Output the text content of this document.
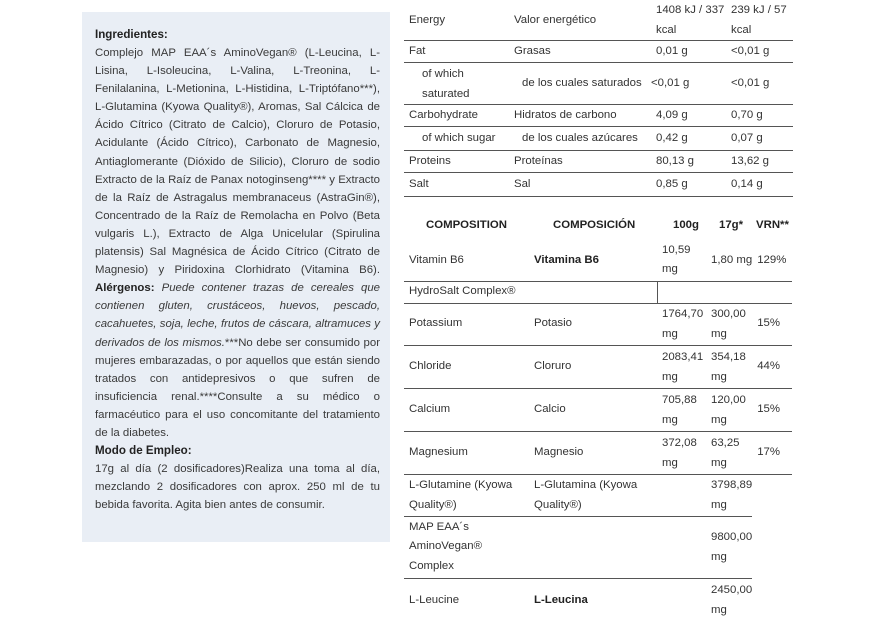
Ingredientes:

Complejo MAP EAA´s AminoVegan® (L-Leucina, L-Lisina, L-Isoleucina, L-Valina, L-Treonina, L-Fenilalanina, L-Metionina, L-Histidina, L-Triptófano***), L-Glutamina (Kyowa Quality®), Aromas, Sal Cálcica de Ácido Cítrico (Citrato de Calcio), Cloruro de Potasio, Acidulante (Ácido Cítrico), Carbonato de Magnesio, Antiaglomerante (Dióxido de Silicio), Cloruro de sodio Extracto de la Raíz de Panax notoginseng**** y Extracto de la Raíz de Astragalus membranaceus (AstraGin®), Concentrado de la Raíz de Remolacha en Polvo (Beta vulgaris L.), Extracto de Alga Unicelular (Spirulina platensis) Sal Magnésica de Ácido Cítrico (Citrato de Magnesio) y Piridoxina Clorhidrato (Vitamina B6). Alérgenos: Puede contener trazas de cereales que contienen gluten, crustáceos, huevos, pescado, cacahuetes, soja, leche, frutos de cáscara, altramuces y derivados de los mismos.***No debe ser consumido por mujeres embarazadas, o por aquellos que están siendo tratados con antidepresivos o que sufren de insuficiencia renal.****Consulte a su médico o farmacéutico para el uso concomitante del tratamiento de la diabetes.

Modo de Empleo:

17g al día (2 dosificadores)Realiza una toma al día, mezclando 2 dosificadores con aprox. 250 ml de tu bebida favorita. Agita bien antes de consumir.

Energy	Valor energético	1408 kJ / 337 kcal	239 kJ / 57 kcal
Fat	Grasas	0,01 g	<0,01 g

of which saturated	de los cuales saturados	<0,01 g	<0,01 g
Carbohydrate	Hidratos de carbono	4,09 g	0,70 g
of which sugar	de los cuales azúcares	0,42 g	0,07 g
Proteins	Proteínas	80,13 g	13,62 g
Salt	Sal	0,85 g	0,14 g
COMPOSITION	COMPOSICIÓN	100g 17g* VRN**
Vitamin B6	Vitamina B6	10,59 mg	1,80 mg	129%
HydroSalt Complex®				
Potassium	Potasio	1764,70 mg	300,00 mg	15%
Chloride	Cloruro	2083,41 mg	354,18 mg	44%
Calcium	Calcio	705,88 mg	120,00 mg	15%
Magnesium	Magnesio	372,08 mg	63,25 mg	17%
L-Glutamine (Kyowa Quality®)	L-Glutamina (Kyowa Quality®)		3798,89 mg	

MAP EAA´s AminoVegan® Complex			9800,00 mg	
L-Leucine	L-Leucina		2450,00 mg	
